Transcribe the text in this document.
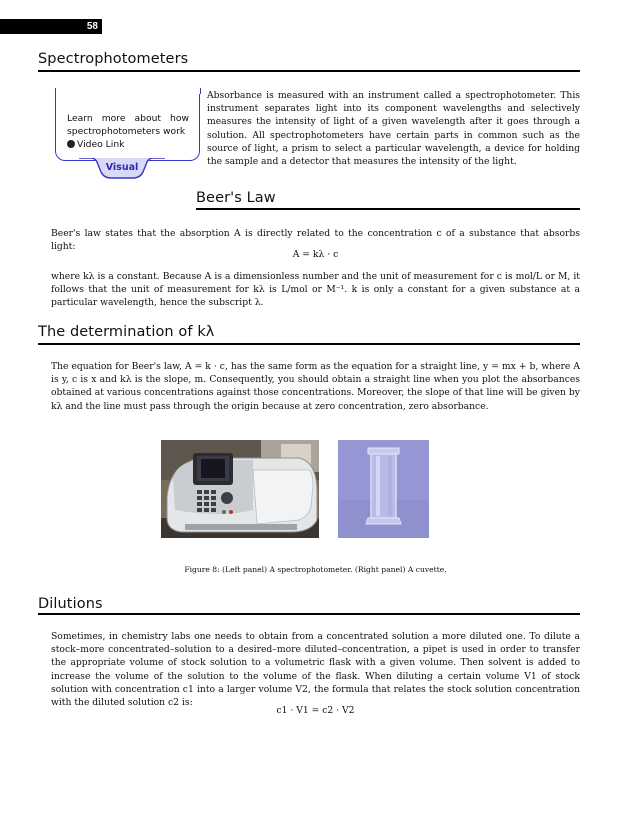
58
Spectrophotometers
Learn more about how spectrophotometers work
Video Link
Visual
Absorbance is measured with an instrument called a spectrophotometer. This instrument separates light into its component wavelengths and selectively measures the intensity of light of a given wavelength after it goes through a solution. All spectrophotometers have certain parts in common such as the source of light, a prism to select a particular wavelength, a device for holding the sample and a detector that measures the intensity of the light.
Beer's Law
Beer's law states that the absorption A is directly related to the concentration c of a substance that absorbs light:
A = kλ · c
where kλ is a constant. Because A is a dimensionless number and the unit of measurement for c is mol/L or M, it follows that the unit of measurement for kλ is L/mol or M⁻¹. k is only a constant for a given substance at a particular wavelength, hence the subscript λ.
The determination of kλ
The equation for Beer's law, A = k · c, has the same form as the equation for a straight line, y = mx + b, where A is y, c is x and kλ is the slope, m. Consequently, you should obtain a straight line when you plot the absorbances obtained at various concentrations against those concentrations. Moreover, the slope of that line will be given by kλ and the line must pass through the origin because at zero concentration, zero absorbance.
Figure 8: (Left panel) A spectrophotometer. (Right panel) A cuvette.
Dilutions
Sometimes, in chemistry labs one needs to obtain from a concentrated solution a more diluted one. To dilute a stock–more concentrated–solution to a desired–more diluted–concentration, a pipet is used in order to transfer the appropriate volume of stock solution to a volumetric flask with a given volume. Then solvent is added to increase the volume of the solution to the volume of the flask. When diluting a certain volume V1 of stock solution with concentration c1 into a larger volume V2, the formula that relates the stock solution concentration with the diluted solution c2 is:
c1 · V1 = c2 · V2
